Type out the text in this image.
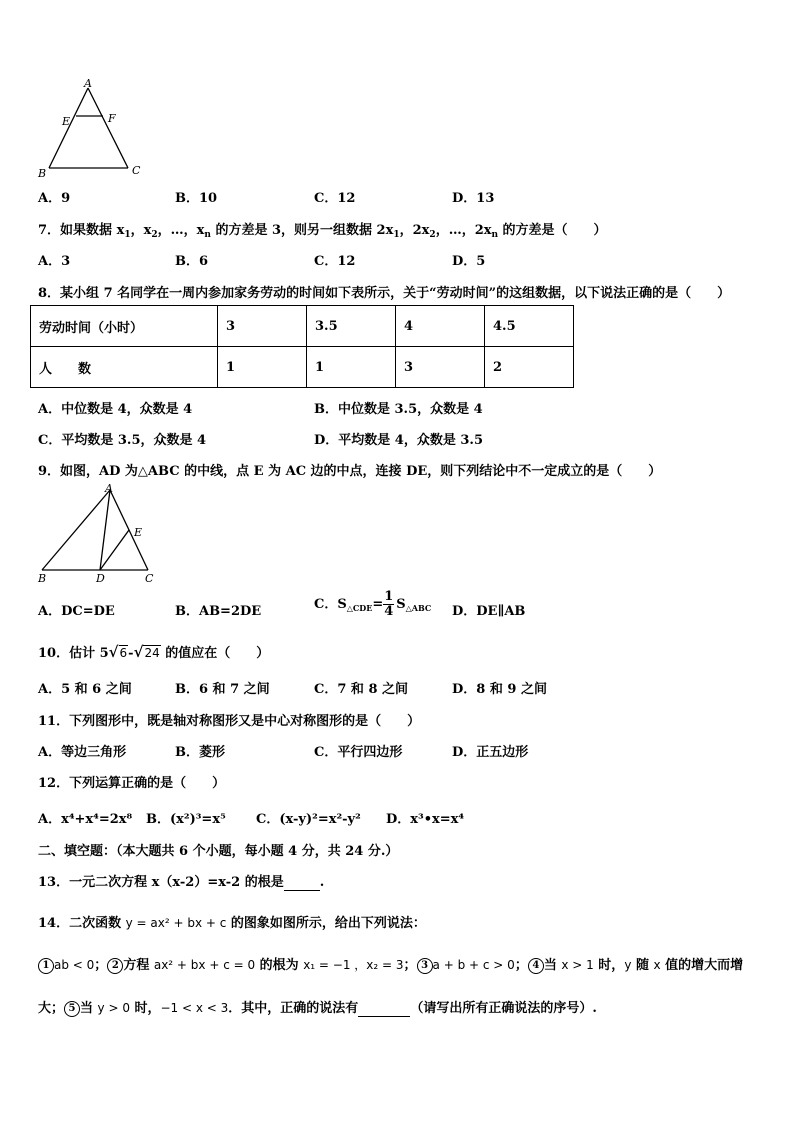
A
E	F
B	C
A．9	B．10	C．12	D．13
7．如果数据 $x_1$，$x_2$，…，$x_n$ 的方差是 3，则另一组数据 $2x_1$，$2x_2$，…，$2x_n$ 的方差是（　　）
A．3	B．6	C．12	D．5
8．某小组 7 名同学在一周内参加家务劳动的时间如下表所示，关于“劳动时间”的这组数据，以下说法正确的是（　　）
劳动时间（小时）	3	3.5	4	4.5
人　　数	1	1	3	2
A．中位数是 4，众数是 4	B．中位数是 3.5，众数是 4
C．平均数是 3.5，众数是 4	D．平均数是 4，众数是 3.5
9．如图，AD 为△ABC 的中线，点 E 为 AC 边的中点，连接 DE，则下列结论中不一定成立的是（　　）
A
E
B	D	C
A．DC=DE	B．AB=2DE	C．$S_{\triangle CDE}= \frac{1}{4} S_{\triangle ABC}$ D．DE∥AB
10．估计 5√6-√24 的值应在（　　）
A．5 和 6 之间	B．6 和 7 之间	C．7 和 8 之间	D．8 和 9 之间
11．下列图形中，既是轴对称图形又是中心对称图形的是（　　）
A．等边三角形	B．菱形	C．平行四边形	D．正五边形
12．下列运算正确的是（　　）
A．x⁴+x⁴=2x⁸ B．(x²)³=x⁵ C．(x-y)²=x²-y² D．x³•x=x⁴
二、填空题：（本大题共 6 个小题，每小题 4 分，共 24 分.）
13．一元二次方程 x（x-2）=x-2 的根是	.
14．二次函数 y = ax² + bx + c 的图象如图所示，给出下列说法：
1 ab < 0； 2 方程 ax² + bx + c = 0 的根为 x₁ = −1 ，x₂ = 3； 3 a + b + c > 0； 4 当 x > 1 时，y 随 x 值的增大而增
大； 5 当 y > 0 时，−1 < x < 3．其中，正确的说法有	（请写出所有正确说法的序号）.
